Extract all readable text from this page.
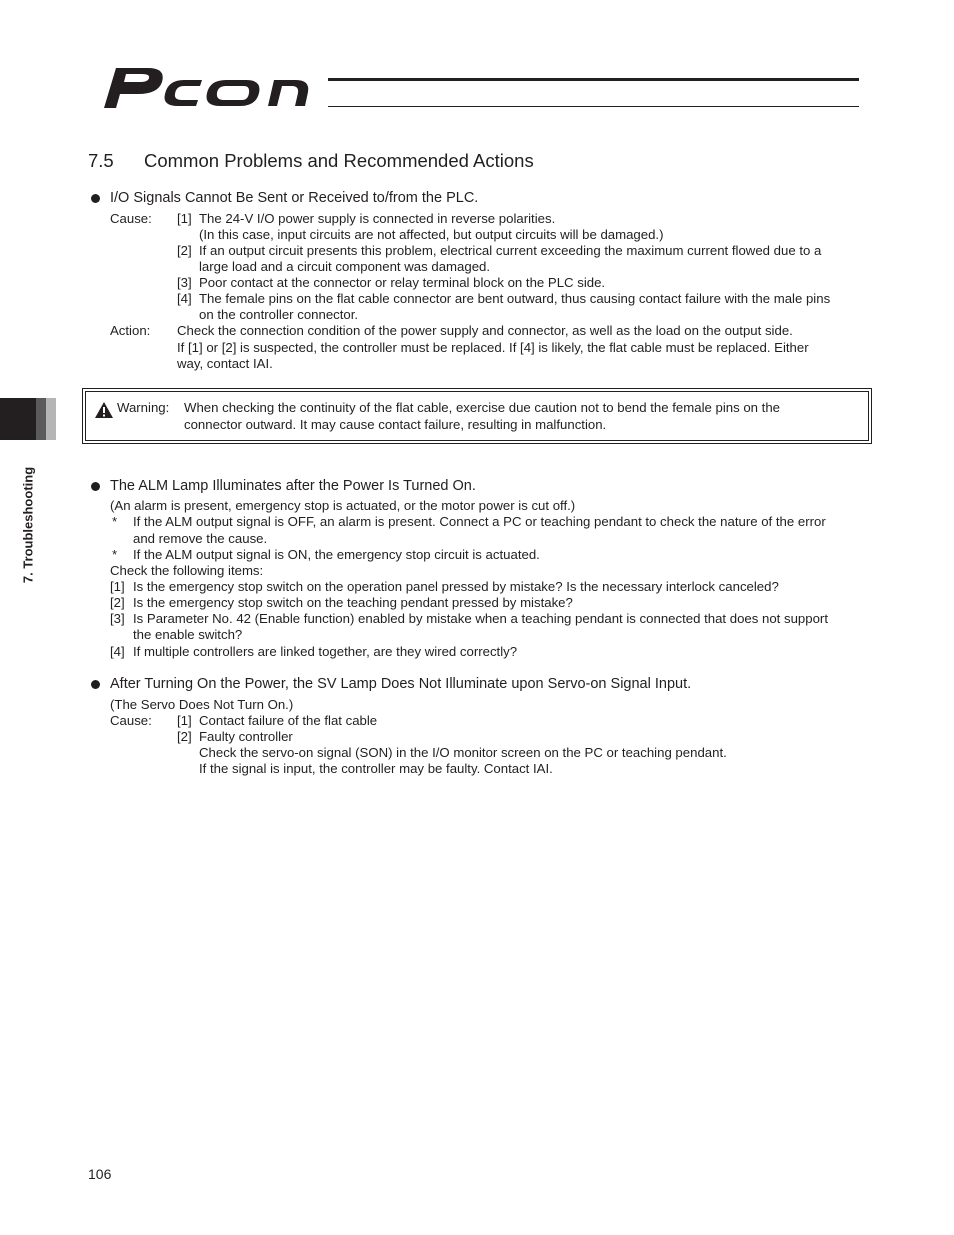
7. Troubleshooting
7.5 Common Problems and Recommended Actions
I/O Signals Cannot Be Sent or Received to/from the PLC.
Cause: [1] The 24-V I/O power supply is connected in reverse polarities.
(In this case, input circuits are not affected, but output circuits will be damaged.)
[2] If an output circuit presents this problem, electrical current exceeding the maximum current flowed due to a
large load and a circuit component was damaged.
[3] Poor contact at the connector or relay terminal block on the PLC side.
[4] The female pins on the flat cable connector are bent outward, thus causing contact failure with the male pins
on the controller connector.
Action: Check the connection condition of the power supply and connector, as well as the load on the output side.
If [1] or [2] is suspected, the controller must be replaced. If [4] is likely, the flat cable must be replaced. Either
way, contact IAI.
Warning: When checking the continuity of the flat cable, exercise due caution not to bend the female pins on the
connector outward. It may cause contact failure, resulting in malfunction.
The ALM Lamp Illuminates after the Power Is Turned On.
(An alarm is present, emergency stop is actuated, or the motor power is cut off.)
* If the ALM output signal is OFF, an alarm is present. Connect a PC or teaching pendant to check the nature of the error
and remove the cause.
* If the ALM output signal is ON, the emergency stop circuit is actuated.
Check the following items:
[1] Is the emergency stop switch on the operation panel pressed by mistake? Is the necessary interlock canceled?
[2] Is the emergency stop switch on the teaching pendant pressed by mistake?
[3] Is Parameter No. 42 (Enable function) enabled by mistake when a teaching pendant is connected that does not support
the enable switch?
[4] If multiple controllers are linked together, are they wired correctly?
After Turning On the Power, the SV Lamp Does Not Illuminate upon Servo-on Signal Input.
(The Servo Does Not Turn On.)
Cause: [1] Contact failure of the flat cable
[2] Faulty controller
Check the servo-on signal (SON) in the I/O monitor screen on the PC or teaching pendant.
If the signal is input, the controller may be faulty. Contact IAI.
106
